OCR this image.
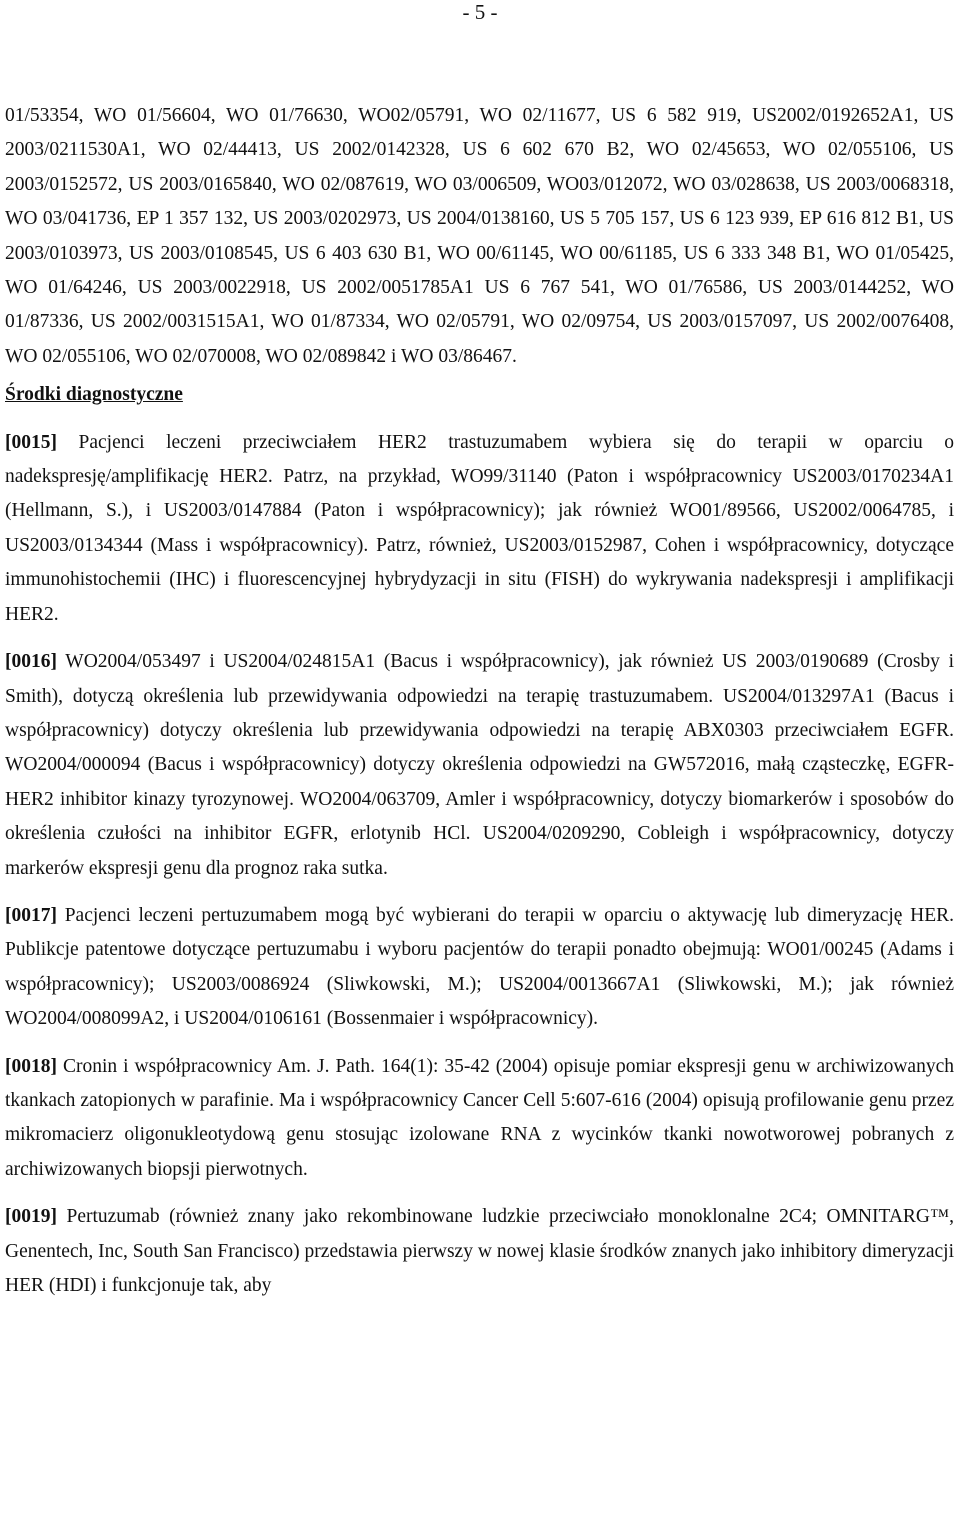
- 5 -

01/53354, WO 01/56604, WO 01/76630, WO02/05791, WO 02/11677, US 6 582 919, US2002/0192652A1, US 2003/0211530A1, WO 02/44413, US 2002/0142328, US 6 602 670 B2, WO 02/45653, WO 02/055106, US 2003/0152572, US 2003/0165840, WO 02/087619, WO 03/006509, WO03/012072, WO 03/028638, US 2003/0068318, WO 03/041736, EP 1 357 132, US 2003/0202973, US 2004/0138160, US 5 705 157, US 6 123 939, EP 616 812 B1, US 2003/0103973, US 2003/0108545, US 6 403 630 B1, WO 00/61145, WO 00/61185, US 6 333 348 B1, WO 01/05425, WO 01/64246, US 2003/0022918, US 2002/0051785A1 US 6 767 541, WO 01/76586, US 2003/0144252, WO 01/87336, US 2002/0031515A1, WO 01/87334, WO 02/05791, WO 02/09754, US 2003/0157097, US 2002/0076408, WO 02/055106, WO 02/070008, WO 02/089842 i WO 03/86467.

Środki diagnostyczne

[0015] Pacjenci leczeni przeciwciałem HER2 trastuzumabem wybiera się do terapii w oparciu o nadekspresję/amplifikację HER2. Patrz, na przykład, WO99/31140 (Paton i współpracownicy US2003/0170234A1 (Hellmann, S.), i US2003/0147884 (Paton i współpracownicy); jak również WO01/89566, US2002/0064785, i US2003/0134344 (Mass i współpracownicy). Patrz, również, US2003/0152987, Cohen i współpracownicy, dotyczące immunohistochemii (IHC) i fluorescencyjnej hybrydyzacji in situ (FISH) do wykrywania nadekspresji i amplifikacji HER2.

[0016] WO2004/053497 i US2004/024815A1 (Bacus i współpracownicy), jak również US 2003/0190689 (Crosby i Smith), dotyczą określenia lub przewidywania odpowiedzi na terapię trastuzumabem. US2004/013297A1 (Bacus i współpracownicy) dotyczy określenia lub przewidywania odpowiedzi na terapię ABX0303 przeciwciałem EGFR. WO2004/000094 (Bacus i współpracownicy) dotyczy określenia odpowiedzi na GW572016, małą cząsteczkę, EGFR-HER2 inhibitor kinazy tyrozynowej. WO2004/063709, Amler i współpracownicy, dotyczy biomarkerów i sposobów do określenia czułości na inhibitor EGFR, erlotynib HCl. US2004/0209290, Cobleigh i współpracownicy, dotyczy markerów ekspresji genu dla prognoz raka sutka.

[0017] Pacjenci leczeni pertuzumabem mogą być wybierani do terapii w oparciu o aktywację lub dimeryzację HER. Publikcje patentowe dotyczące pertuzumabu i wyboru pacjentów do terapii ponadto obejmują: WO01/00245 (Adams i współpracownicy); US2003/0086924 (Sliwkowski, M.); US2004/0013667A1 (Sliwkowski, M.); jak również WO2004/008099A2, i US2004/0106161 (Bossenmaier i współpracownicy).

[0018] Cronin i współpracownicy Am. J. Path. 164(1): 35-42 (2004) opisuje pomiar ekspresji genu w archiwizowanych tkankach zatopionych w parafinie. Ma i współpracownicy Cancer Cell 5:607-616 (2004) opisują profilowanie genu przez mikromacierz oligonukleotydową genu stosując izolowane RNA z wycinków tkanki nowotworowej pobranych z archiwizowanych biopsji pierwotnych.

[0019] Pertuzumab (również znany jako rekombinowane ludzkie przeciwciało monoklonalne 2C4; OMNITARG™, Genentech, Inc, South San Francisco) przedstawia pierwszy w nowej klasie środków znanych jako inhibitory dimeryzacji HER (HDI) i funkcjonuje tak, aby
